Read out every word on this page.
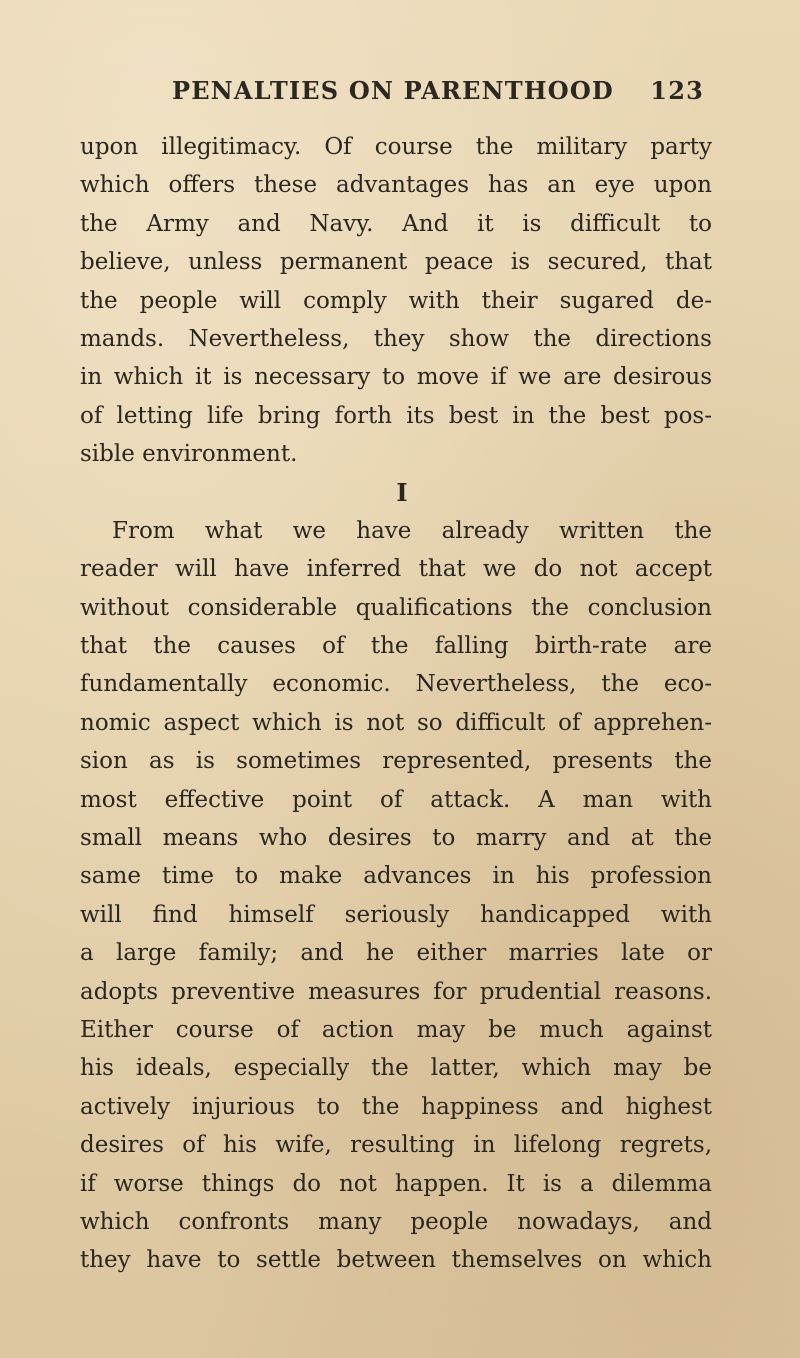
PENALTIES ON PARENTHOOD 123
upon illegitimacy. Of course the military party
which offers these advantages has an eye upon
the Army and Navy. And it is difficult to
believe, unless permanent peace is secured, that
the people will comply with their sugared de-
mands. Nevertheless, they show the directions
in which it is necessary to move if we are desirous
of letting life bring forth its best in the best pos-
sible environment.
I
From what we have already written the
reader will have inferred that we do not accept
without considerable qualifications the conclusion
that the causes of the falling birth-rate are
fundamentally economic. Nevertheless, the eco-
nomic aspect which is not so difficult of apprehen-
sion as is sometimes represented, presents the
most effective point of attack. A man with
small means who desires to marry and at the
same time to make advances in his profession
will find himself seriously handicapped with
a large family; and he either marries late or
adopts preventive measures for prudential reasons.
Either course of action may be much against
his ideals, especially the latter, which may be
actively injurious to the happiness and highest
desires of his wife, resulting in lifelong regrets,
if worse things do not happen. It is a dilemma
which confronts many people nowadays, and
they have to settle between themselves on which
